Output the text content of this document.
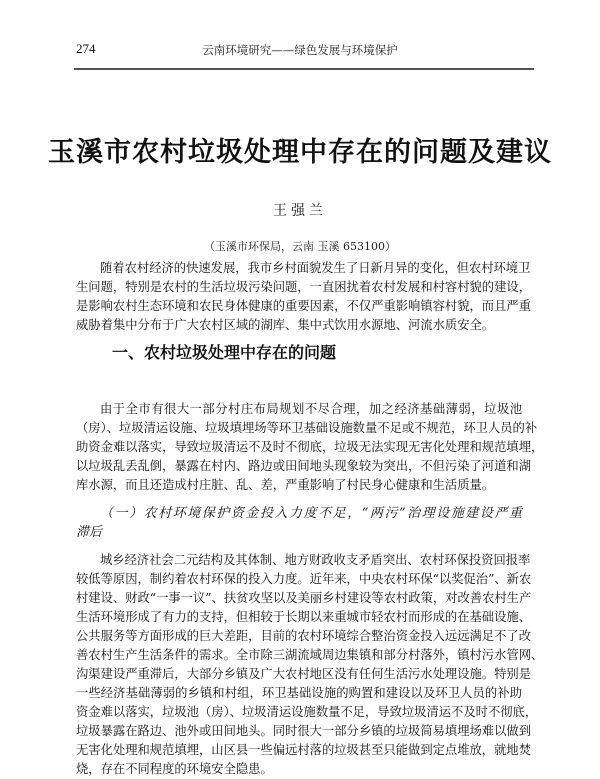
274	云南环境研究——绿色发展与环境保护
玉溪市农村垃圾处理中存在的问题及建议
王强兰
（玉溪市环保局，云南 玉溪 653100）
随着农村经济的快速发展，我市乡村面貌发生了日新月异的变化，但农村环境卫
生问题，特别是农村的生活垃圾污染问题，一直困扰着农村发展和村容村貌的建设，
是影响农村生态环境和农民身体健康的重要因素，不仅严重影响镇容村貌，而且严重
威胁着集中分布于广大农村区域的湖库、集中式饮用水源地、河流水质安全。
一、农村垃圾处理中存在的问题
由于全市有很大一部分村庄布局规划不尽合理，加之经济基础薄弱，垃圾池
（房）、垃圾清运设施、垃圾填埋场等环卫基础设施数量不足或不规范，环卫人员的补
助资金难以落实，导致垃圾清运不及时不彻底，垃圾无法实现无害化处理和规范填埋，
以垃圾乱丢乱倒，暴露在村内、路边或田间地头现象较为突出，不但污染了河道和湖
库水源，而且还造成村庄脏、乱、差，严重影响了村民身心健康和生活质量。
（一）农村环境保护资金投入力度不足，“两污”治理设施建设严重
滞后
城乡经济社会二元结构及其体制、地方财政收支矛盾突出、农村环保投资回报率
较低等原因，制约着农村环保的投入力度。近年来，中央农村环保“以奖促治”、新农
村建设、财政“一事一议”、扶贫攻坚以及美丽乡村建设等农村政策，对改善农村生产
生活环境形成了有力的支持，但相较于长期以来重城市轻农村而形成的在基础设施、
公共服务等方面形成的巨大差距，目前的农村环境综合整治资金投入远远满足不了改
善农村生产生活条件的需求。全市除三湖流域周边集镇和部分村落外，镇村污水管网、
沟渠建设严重滞后，大部分乡镇及广大农村地区没有任何生活污水处理设施。特别是
一些经济基础薄弱的乡镇和村组，环卫基础设施的购置和建设以及环卫人员的补助
资金难以落实，垃圾池（房）、垃圾清运设施数量不足，导致垃圾清运不及时不彻底，
垃圾暴露在路边、池外或田间地头。同时很大一部分乡镇的垃圾简易填埋场难以做到
无害化处理和规范填埋，山区县一些偏远村落的垃圾甚至只能做到定点堆放，就地焚
烧，存在不同程度的环境安全隐患。
